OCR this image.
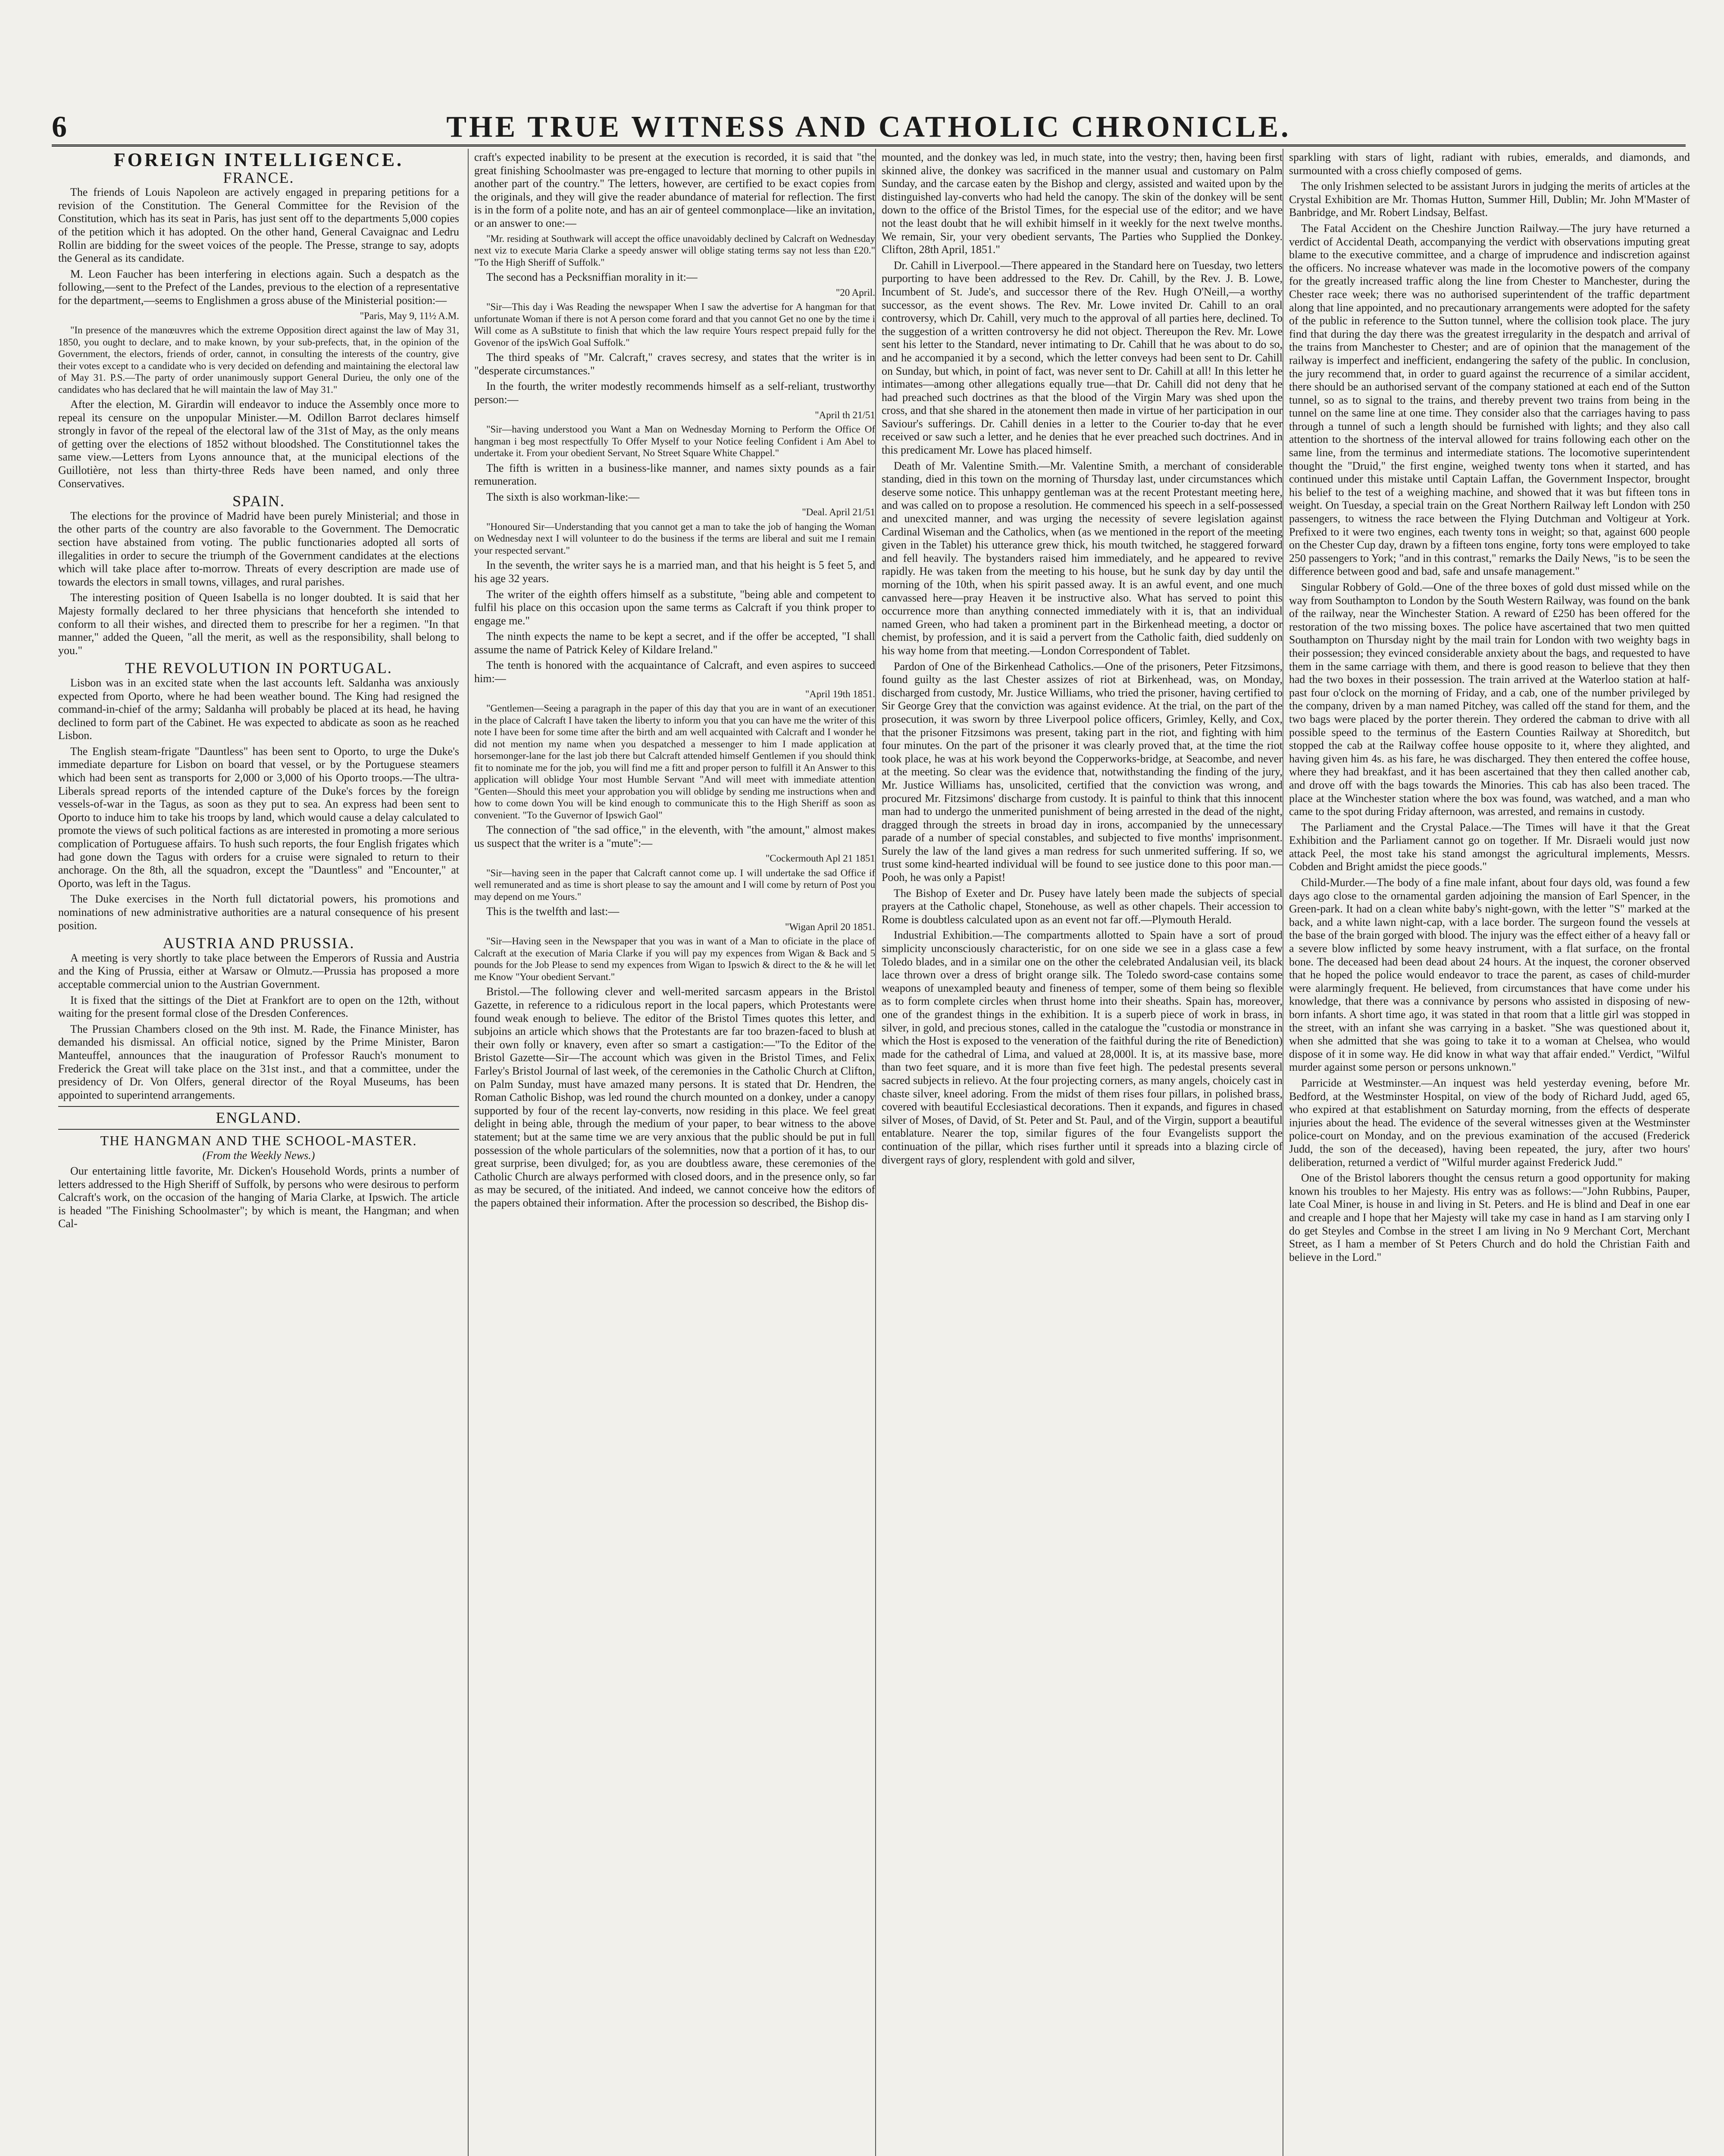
6	THE TRUE WITNESS AND CATHOLIC CHRONICLE.
FOREIGN INTELLIGENCE.
FRANCE.

The friends of Louis Napoleon are actively engaged in preparing petitions for a revision of the Constitution. The General Committee for the Revision of the Constitution, which has its seat in Paris, has just sent off to the departments 5,000 copies of the petition which it has adopted. On the other hand, General Cavaignac and Ledru Rollin are bidding for the sweet voices of the people. The Presse, strange to say, adopts the General as its candidate.

M. Leon Faucher has been interfering in elections again. Such a despatch as the following,—sent to the Prefect of the Landes, previous to the election of a representative for the department,—seems to Englishmen a gross abuse of the Ministerial position:—

"Paris, May 9, 11½ A.M.

"In presence of the manœuvres which the extreme Opposition direct against the law of May 31, 1850, you ought to declare, and to make known, by your sub-prefects, that, in the opinion of the Government, the electors, friends of order, cannot, in consulting the interests of the country, give their votes except to a candidate who is very decided on defending and maintaining the electoral law of May 31. P.S.—The party of order unanimously support General Durieu, the only one of the candidates who has declared that he will maintain the law of May 31."

After the election, M. Girardin will endeavor to induce the Assembly once more to repeal its censure on the unpopular Minister.—M. Odillon Barrot declares himself strongly in favor of the repeal of the electoral law of the 31st of May, as the only means of getting over the elections of 1852 without bloodshed. The Constitutionnel takes the same view.—Letters from Lyons announce that, at the municipal elections of the Guillotière, not less than thirty-three Reds have been named, and only three Conservatives.

SPAIN.

The elections for the province of Madrid have been purely Ministerial; and those in the other parts of the country are also favorable to the Government. The Democratic section have abstained from voting. The public functionaries adopted all sorts of illegalities in order to secure the triumph of the Government candidates at the elections which will take place after to-morrow. Threats of every description are made use of towards the electors in small towns, villages, and rural parishes.

The interesting position of Queen Isabella is no longer doubted. It is said that her Majesty formally declared to her three physicians that henceforth she intended to conform to all their wishes, and directed them to prescribe for her a regimen. "In that manner," added the Queen, "all the merit, as well as the responsibility, shall belong to you."

THE REVOLUTION IN PORTUGAL.

Lisbon was in an excited state when the last accounts left. Saldanha was anxiously expected from Oporto, where he had been weather bound. The King had resigned the command-in-chief of the army; Saldanha will probably be placed at its head, he having declined to form part of the Cabinet. He was expected to abdicate as soon as he reached Lisbon.

The English steam-frigate "Dauntless" has been sent to Oporto, to urge the Duke's immediate departure for Lisbon on board that vessel, or by the Portuguese steamers which had been sent as transports for 2,000 or 3,000 of his Oporto troops.—The ultra-Liberals spread reports of the intended capture of the Duke's forces by the foreign vessels-of-war in the Tagus, as soon as they put to sea. An express had been sent to Oporto to induce him to take his troops by land, which would cause a delay calculated to promote the views of such political factions as are interested in promoting a more serious complication of Portuguese affairs. To hush such reports, the four English frigates which had gone down the Tagus with orders for a cruise were signaled to return to their anchorage. On the 8th, all the squadron, except the "Dauntless" and "Encounter," at Oporto, was left in the Tagus.

The Duke exercises in the North full dictatorial powers, his promotions and nominations of new administrative authorities are a natural consequence of his present position.

AUSTRIA AND PRUSSIA.

A meeting is very shortly to take place between the Emperors of Russia and Austria and the King of Prussia, either at Warsaw or Olmutz.—Prussia has proposed a more acceptable commercial union to the Austrian Government.

It is fixed that the sittings of the Diet at Frankfort are to open on the 12th, without waiting for the present formal close of the Dresden Conferences.

The Prussian Chambers closed on the 9th inst. M. Rade, the Finance Minister, has demanded his dismissal. An official notice, signed by the Prime Minister, Baron Manteuffel, announces that the inauguration of Professor Rauch's monument to Frederick the Great will take place on the 31st inst., and that a committee, under the presidency of Dr. Von Olfers, general director of the Royal Museums, has been appointed to superintend arrangements.

ENGLAND.
THE HANGMAN AND THE SCHOOL-MASTER.

(From the Weekly News.)

Our entertaining little favorite, Mr. Dicken's Household Words, prints a number of letters addressed to the High Sheriff of Suffolk, by persons who were desirous to perform Calcraft's work, on the occasion of the hanging of Maria Clarke, at Ipswich. The article is headed "The Finishing Schoolmaster"; by which is meant, the Hangman; and when Cal-

craft's expected inability to be present at the execution is recorded, it is said that "the great finishing Schoolmaster was pre-engaged to lecture that morning to other pupils in another part of the country." The letters, however, are certified to be exact copies from the originals, and they will give the reader abundance of material for reflection. The first is in the form of a polite note, and has an air of genteel commonplace—like an invitation, or an answer to one:—

"Mr. residing at Southwark will accept the office unavoidably declined by Calcraft on Wednesday next viz to execute Maria Clarke a speedy answer will oblige stating terms say not less than £20." "To the High Sheriff of Suffolk."

The second has a Pecksniffian morality in it:—

"20 April.

"Sir—This day i Was Reading the newspaper When I saw the advertise for A hangman for that unfortunate Woman if there is not A person come forard and that you cannot Get no one by the time i Will come as A suBstitute to finish that which the law require Yours respect prepaid fully for the Govenor of the ipsWich Goal Suffolk."

The third speaks of "Mr. Calcraft," craves secresy, and states that the writer is in "desperate circumstances."

In the fourth, the writer modestly recommends himself as a self-reliant, trustworthy person:—

"April th 21/51

"Sir—having understood you Want a Man on Wednesday Morning to Perform the Office Of hangman i beg most respectfully To Offer Myself to your Notice feeling Confident i Am Abel to undertake it. From your obedient Servant, No Street Square White Chappel."

The fifth is written in a business-like manner, and names sixty pounds as a fair remuneration.

The sixth is also workman-like:—

"Deal. April 21/51

"Honoured Sir—Understanding that you cannot get a man to take the job of hanging the Woman on Wednesday next I will volunteer to do the business if the terms are liberal and suit me I remain your respected servant."

In the seventh, the writer says he is a married man, and that his height is 5 feet 5, and his age 32 years.

The writer of the eighth offers himself as a substitute, "being able and competent to fulfil his place on this occasion upon the same terms as Calcraft if you think proper to engage me."

The ninth expects the name to be kept a secret, and if the offer be accepted, "I shall assume the name of Patrick Keley of Kildare Ireland."

The tenth is honored with the acquaintance of Calcraft, and even aspires to succeed him:—

"April 19th 1851.

"Gentlemen—Seeing a paragraph in the paper of this day that you are in want of an executioner in the place of Calcraft I have taken the liberty to inform you that you can have me the writer of this note I have been for some time after the birth and am well acquainted with Calcraft and I wonder he did not mention my name when you despatched a messenger to him I made application at horsemonger-lane for the last job there but Calcraft attended himself Gentlemen if you should think fit to nominate me for the job, you will find me a fitt and proper person to fulfill it An Answer to this application will oblidge Your most Humble Servant "And will meet with immediate attention "Genten—Should this meet your approbation you will oblidge by sending me instructions when and how to come down You will be kind enough to communicate this to the High Sheriff as soon as convenient. "To the Guvernor of Ipswich Gaol"

The connection of "the sad office," in the eleventh, with "the amount," almost makes us suspect that the writer is a "mute":—

"Cockermouth Apl 21 1851

"Sir—having seen in the paper that Calcraft cannot come up. I will undertake the sad Office if well remunerated and as time is short please to say the amount and I will come by return of Post you may depend on me Yours."

This is the twelfth and last:—

"Wigan April 20 1851.

"Sir—Having seen in the Newspaper that you was in want of a Man to oficiate in the place of Calcraft at the execution of Maria Clarke if you will pay my expences from Wigan & Back and 5 pounds for the Job Please to send my expences from Wigan to Ipswich & direct to the & he will let me Know "Your obedient Servant."

Bristol.—The following clever and well-merited sarcasm appears in the Bristol Gazette, in reference to a ridiculous report in the local papers, which Protestants were found weak enough to believe. The editor of the Bristol Times quotes this letter, and subjoins an article which shows that the Protestants are far too brazen-faced to blush at their own folly or knavery, even after so smart a castigation:—"To the Editor of the Bristol Gazette—Sir—The account which was given in the Bristol Times, and Felix Farley's Bristol Journal of last week, of the ceremonies in the Catholic Church at Clifton, on Palm Sunday, must have amazed many persons. It is stated that Dr. Hendren, the Roman Catholic Bishop, was led round the church mounted on a donkey, under a canopy supported by four of the recent lay-converts, now residing in this place. We feel great delight in being able, through the medium of your paper, to bear witness to the above statement; but at the same time we are very anxious that the public should be put in full possession of the whole particulars of the solemnities, now that a portion of it has, to our great surprise, been divulged; for, as you are doubtless aware, these ceremonies of the Catholic Church are always performed with closed doors, and in the presence only, so far as may be secured, of the initiated. And indeed, we cannot conceive how the editors of the papers obtained their information. After the procession so described, the Bishop dis-

mounted, and the donkey was led, in much state, into the vestry; then, having been first skinned alive, the donkey was sacrificed in the manner usual and customary on Palm Sunday, and the carcase eaten by the Bishop and clergy, assisted and waited upon by the distinguished lay-converts who had held the canopy. The skin of the donkey will be sent down to the office of the Bristol Times, for the especial use of the editor; and we have not the least doubt that he will exhibit himself in it weekly for the next twelve months. We remain, Sir, your very obedient servants, The Parties who Supplied the Donkey. Clifton, 28th April, 1851."

Dr. Cahill in Liverpool.—There appeared in the Standard here on Tuesday, two letters purporting to have been addressed to the Rev. Dr. Cahill, by the Rev. J. B. Lowe, Incumbent of St. Jude's, and successor there of the Rev. Hugh O'Neill,—a worthy successor, as the event shows. The Rev. Mr. Lowe invited Dr. Cahill to an oral controversy, which Dr. Cahill, very much to the approval of all parties here, declined. To the suggestion of a written controversy he did not object. Thereupon the Rev. Mr. Lowe sent his letter to the Standard, never intimating to Dr. Cahill that he was about to do so, and he accompanied it by a second, which the letter conveys had been sent to Dr. Cahill on Sunday, but which, in point of fact, was never sent to Dr. Cahill at all! In this letter he intimates—among other allegations equally true—that Dr. Cahill did not deny that he had preached such doctrines as that the blood of the Virgin Mary was shed upon the cross, and that she shared in the atonement then made in virtue of her participation in our Saviour's sufferings. Dr. Cahill denies in a letter to the Courier to-day that he ever received or saw such a letter, and he denies that he ever preached such doctrines. And in this predicament Mr. Lowe has placed himself.

Death of Mr. Valentine Smith.—Mr. Valentine Smith, a merchant of considerable standing, died in this town on the morning of Thursday last, under circumstances which deserve some notice. This unhappy gentleman was at the recent Protestant meeting here, and was called on to propose a resolution. He commenced his speech in a self-possessed and unexcited manner, and was urging the necessity of severe legislation against Cardinal Wiseman and the Catholics, when (as we mentioned in the report of the meeting given in the Tablet) his utterance grew thick, his mouth twitched, he staggered forward and fell heavily. The bystanders raised him immediately, and he appeared to revive rapidly. He was taken from the meeting to his house, but he sunk day by day until the morning of the 10th, when his spirit passed away. It is an awful event, and one much canvassed here—pray Heaven it be instructive also. What has served to point this occurrence more than anything connected immediately with it is, that an individual named Green, who had taken a prominent part in the Birkenhead meeting, a doctor or chemist, by profession, and it is said a pervert from the Catholic faith, died suddenly on his way home from that meeting.—London Correspondent of Tablet.

Pardon of One of the Birkenhead Catholics.—One of the prisoners, Peter Fitzsimons, found guilty as the last Chester assizes of riot at Birkenhead, was, on Monday, discharged from custody, Mr. Justice Williams, who tried the prisoner, having certified to Sir George Grey that the conviction was against evidence. At the trial, on the part of the prosecution, it was sworn by three Liverpool police officers, Grimley, Kelly, and Cox, that the prisoner Fitzsimons was present, taking part in the riot, and fighting with him four minutes. On the part of the prisoner it was clearly proved that, at the time the riot took place, he was at his work beyond the Copperworks-bridge, at Seacombe, and never at the meeting. So clear was the evidence that, notwithstanding the finding of the jury, Mr. Justice Williams has, unsolicited, certified that the conviction was wrong, and procured Mr. Fitzsimons' discharge from custody. It is painful to think that this innocent man had to undergo the unmerited punishment of being arrested in the dead of the night, dragged through the streets in broad day in irons, accompanied by the unnecessary parade of a number of special constables, and subjected to five months' imprisonment. Surely the law of the land gives a man redress for such unmerited suffering. If so, we trust some kind-hearted individual will be found to see justice done to this poor man.—Pooh, he was only a Papist!

The Bishop of Exeter and Dr. Pusey have lately been made the subjects of special prayers at the Catholic chapel, Stonehouse, as well as other chapels. Their accession to Rome is doubtless calculated upon as an event not far off.—Plymouth Herald.

Industrial Exhibition.—The compartments allotted to Spain have a sort of proud simplicity unconsciously characteristic, for on one side we see in a glass case a few Toledo blades, and in a similar one on the other the celebrated Andalusian veil, its black lace thrown over a dress of bright orange silk. The Toledo sword-case contains some weapons of unexampled beauty and fineness of temper, some of them being so flexible as to form complete circles when thrust home into their sheaths. Spain has, moreover, one of the grandest things in the exhibition. It is a superb piece of work in brass, in silver, in gold, and precious stones, called in the catalogue the "custodia or monstrance in which the Host is exposed to the veneration of the faithful during the rite of Benediction) made for the cathedral of Lima, and valued at 28,000l. It is, at its massive base, more than two feet square, and it is more than five feet high. The pedestal presents several sacred subjects in relievo. At the four projecting corners, as many angels, choicely cast in chaste silver, kneel adoring. From the midst of them rises four pillars, in polished brass, covered with beautiful Ecclesiastical decorations. Then it expands, and figures in chased silver of Moses, of David, of St. Peter and St. Paul, and of the Virgin, support a beautiful entablature. Nearer the top, similar figures of the four Evangelists support the continuation of the pillar, which rises further until it spreads into a blazing circle of divergent rays of glory, resplendent with gold and silver,

sparkling with stars of light, radiant with rubies, emeralds, and diamonds, and surmounted with a cross chiefly composed of gems.

The only Irishmen selected to be assistant Jurors in judging the merits of articles at the Crystal Exhibition are Mr. Thomas Hutton, Summer Hill, Dublin; Mr. John M'Master of Banbridge, and Mr. Robert Lindsay, Belfast.

The Fatal Accident on the Cheshire Junction Railway.—The jury have returned a verdict of Accidental Death, accompanying the verdict with observations imputing great blame to the executive committee, and a charge of imprudence and indiscretion against the officers. No increase whatever was made in the locomotive powers of the company for the greatly increased traffic along the line from Chester to Manchester, during the Chester race week; there was no authorised superintendent of the traffic department along that line appointed, and no precautionary arrangements were adopted for the safety of the public in reference to the Sutton tunnel, where the collision took place. The jury find that during the day there was the greatest irregularity in the despatch and arrival of the trains from Manchester to Chester; and are of opinion that the management of the railway is imperfect and inefficient, endangering the safety of the public. In conclusion, the jury recommend that, in order to guard against the recurrence of a similar accident, there should be an authorised servant of the company stationed at each end of the Sutton tunnel, so as to signal to the trains, and thereby prevent two trains from being in the tunnel on the same line at one time. They consider also that the carriages having to pass through a tunnel of such a length should be furnished with lights; and they also call attention to the shortness of the interval allowed for trains following each other on the same line, from the terminus and intermediate stations. The locomotive superintendent thought the "Druid," the first engine, weighed twenty tons when it started, and has continued under this mistake until Captain Laffan, the Government Inspector, brought his belief to the test of a weighing machine, and showed that it was but fifteen tons in weight. On Tuesday, a special train on the Great Northern Railway left London with 250 passengers, to witness the race between the Flying Dutchman and Voltigeur at York. Prefixed to it were two engines, each twenty tons in weight; so that, against 600 people on the Chester Cup day, drawn by a fifteen tons engine, forty tons were employed to take 250 passengers to York; "and in this contrast," remarks the Daily News, "is to be seen the difference between good and bad, safe and unsafe management."

Singular Robbery of Gold.—One of the three boxes of gold dust missed while on the way from Southampton to London by the South Western Railway, was found on the bank of the railway, near the Winchester Station. A reward of £250 has been offered for the restoration of the two missing boxes. The police have ascertained that two men quitted Southampton on Thursday night by the mail train for London with two weighty bags in their possession; they evinced considerable anxiety about the bags, and requested to have them in the same carriage with them, and there is good reason to believe that they then had the two boxes in their possession. The train arrived at the Waterloo station at half-past four o'clock on the morning of Friday, and a cab, one of the number privileged by the company, driven by a man named Pitchey, was called off the stand for them, and the two bags were placed by the porter therein. They ordered the cabman to drive with all possible speed to the terminus of the Eastern Counties Railway at Shoreditch, but stopped the cab at the Railway coffee house opposite to it, where they alighted, and having given him 4s. as his fare, he was discharged. They then entered the coffee house, where they had breakfast, and it has been ascertained that they then called another cab, and drove off with the bags towards the Minories. This cab has also been traced. The place at the Winchester station where the box was found, was watched, and a man who came to the spot during Friday afternoon, was arrested, and remains in custody.

The Parliament and the Crystal Palace.—The Times will have it that the Great Exhibition and the Parliament cannot go on together. If Mr. Disraeli would just now attack Peel, the most take his stand amongst the agricultural implements, Messrs. Cobden and Bright amidst the piece goods."

Child-Murder.—The body of a fine male infant, about four days old, was found a few days ago close to the ornamental garden adjoining the mansion of Earl Spencer, in the Green-park. It had on a clean white baby's night-gown, with the letter "S" marked at the back, and a white lawn night-cap, with a lace border. The surgeon found the vessels at the base of the brain gorged with blood. The injury was the effect either of a heavy fall or a severe blow inflicted by some heavy instrument, with a flat surface, on the frontal bone. The deceased had been dead about 24 hours. At the inquest, the coroner observed that he hoped the police would endeavor to trace the parent, as cases of child-murder were alarmingly frequent. He believed, from circumstances that have come under his knowledge, that there was a connivance by persons who assisted in disposing of new-born infants. A short time ago, it was stated in that room that a little girl was stopped in the street, with an infant she was carrying in a basket. "She was questioned about it, when she admitted that she was going to take it to a woman at Chelsea, who would dispose of it in some way. He did know in what way that affair ended." Verdict, "Wilful murder against some person or persons unknown."

Parricide at Westminster.—An inquest was held yesterday evening, before Mr. Bedford, at the Westminster Hospital, on view of the body of Richard Judd, aged 65, who expired at that establishment on Saturday morning, from the effects of desperate injuries about the head. The evidence of the several witnesses given at the Westminster police-court on Monday, and on the previous examination of the accused (Frederick Judd, the son of the deceased), having been repeated, the jury, after two hours' deliberation, returned a verdict of "Wilful murder against Frederick Judd."

One of the Bristol laborers thought the census return a good opportunity for making known his troubles to her Majesty. His entry was as follows:—"John Rubbins, Pauper, late Coal Miner, is house in and living in St. Peters. and He is blind and Deaf in one ear and creaple and I hope that her Majesty will take my case in hand as I am starving only I do get Steyles and Combse in the street I am living in No 9 Merchant Cort, Merchant Street, as I ham a member of St Peters Church and do hold the Christian Faith and believe in the Lord."
